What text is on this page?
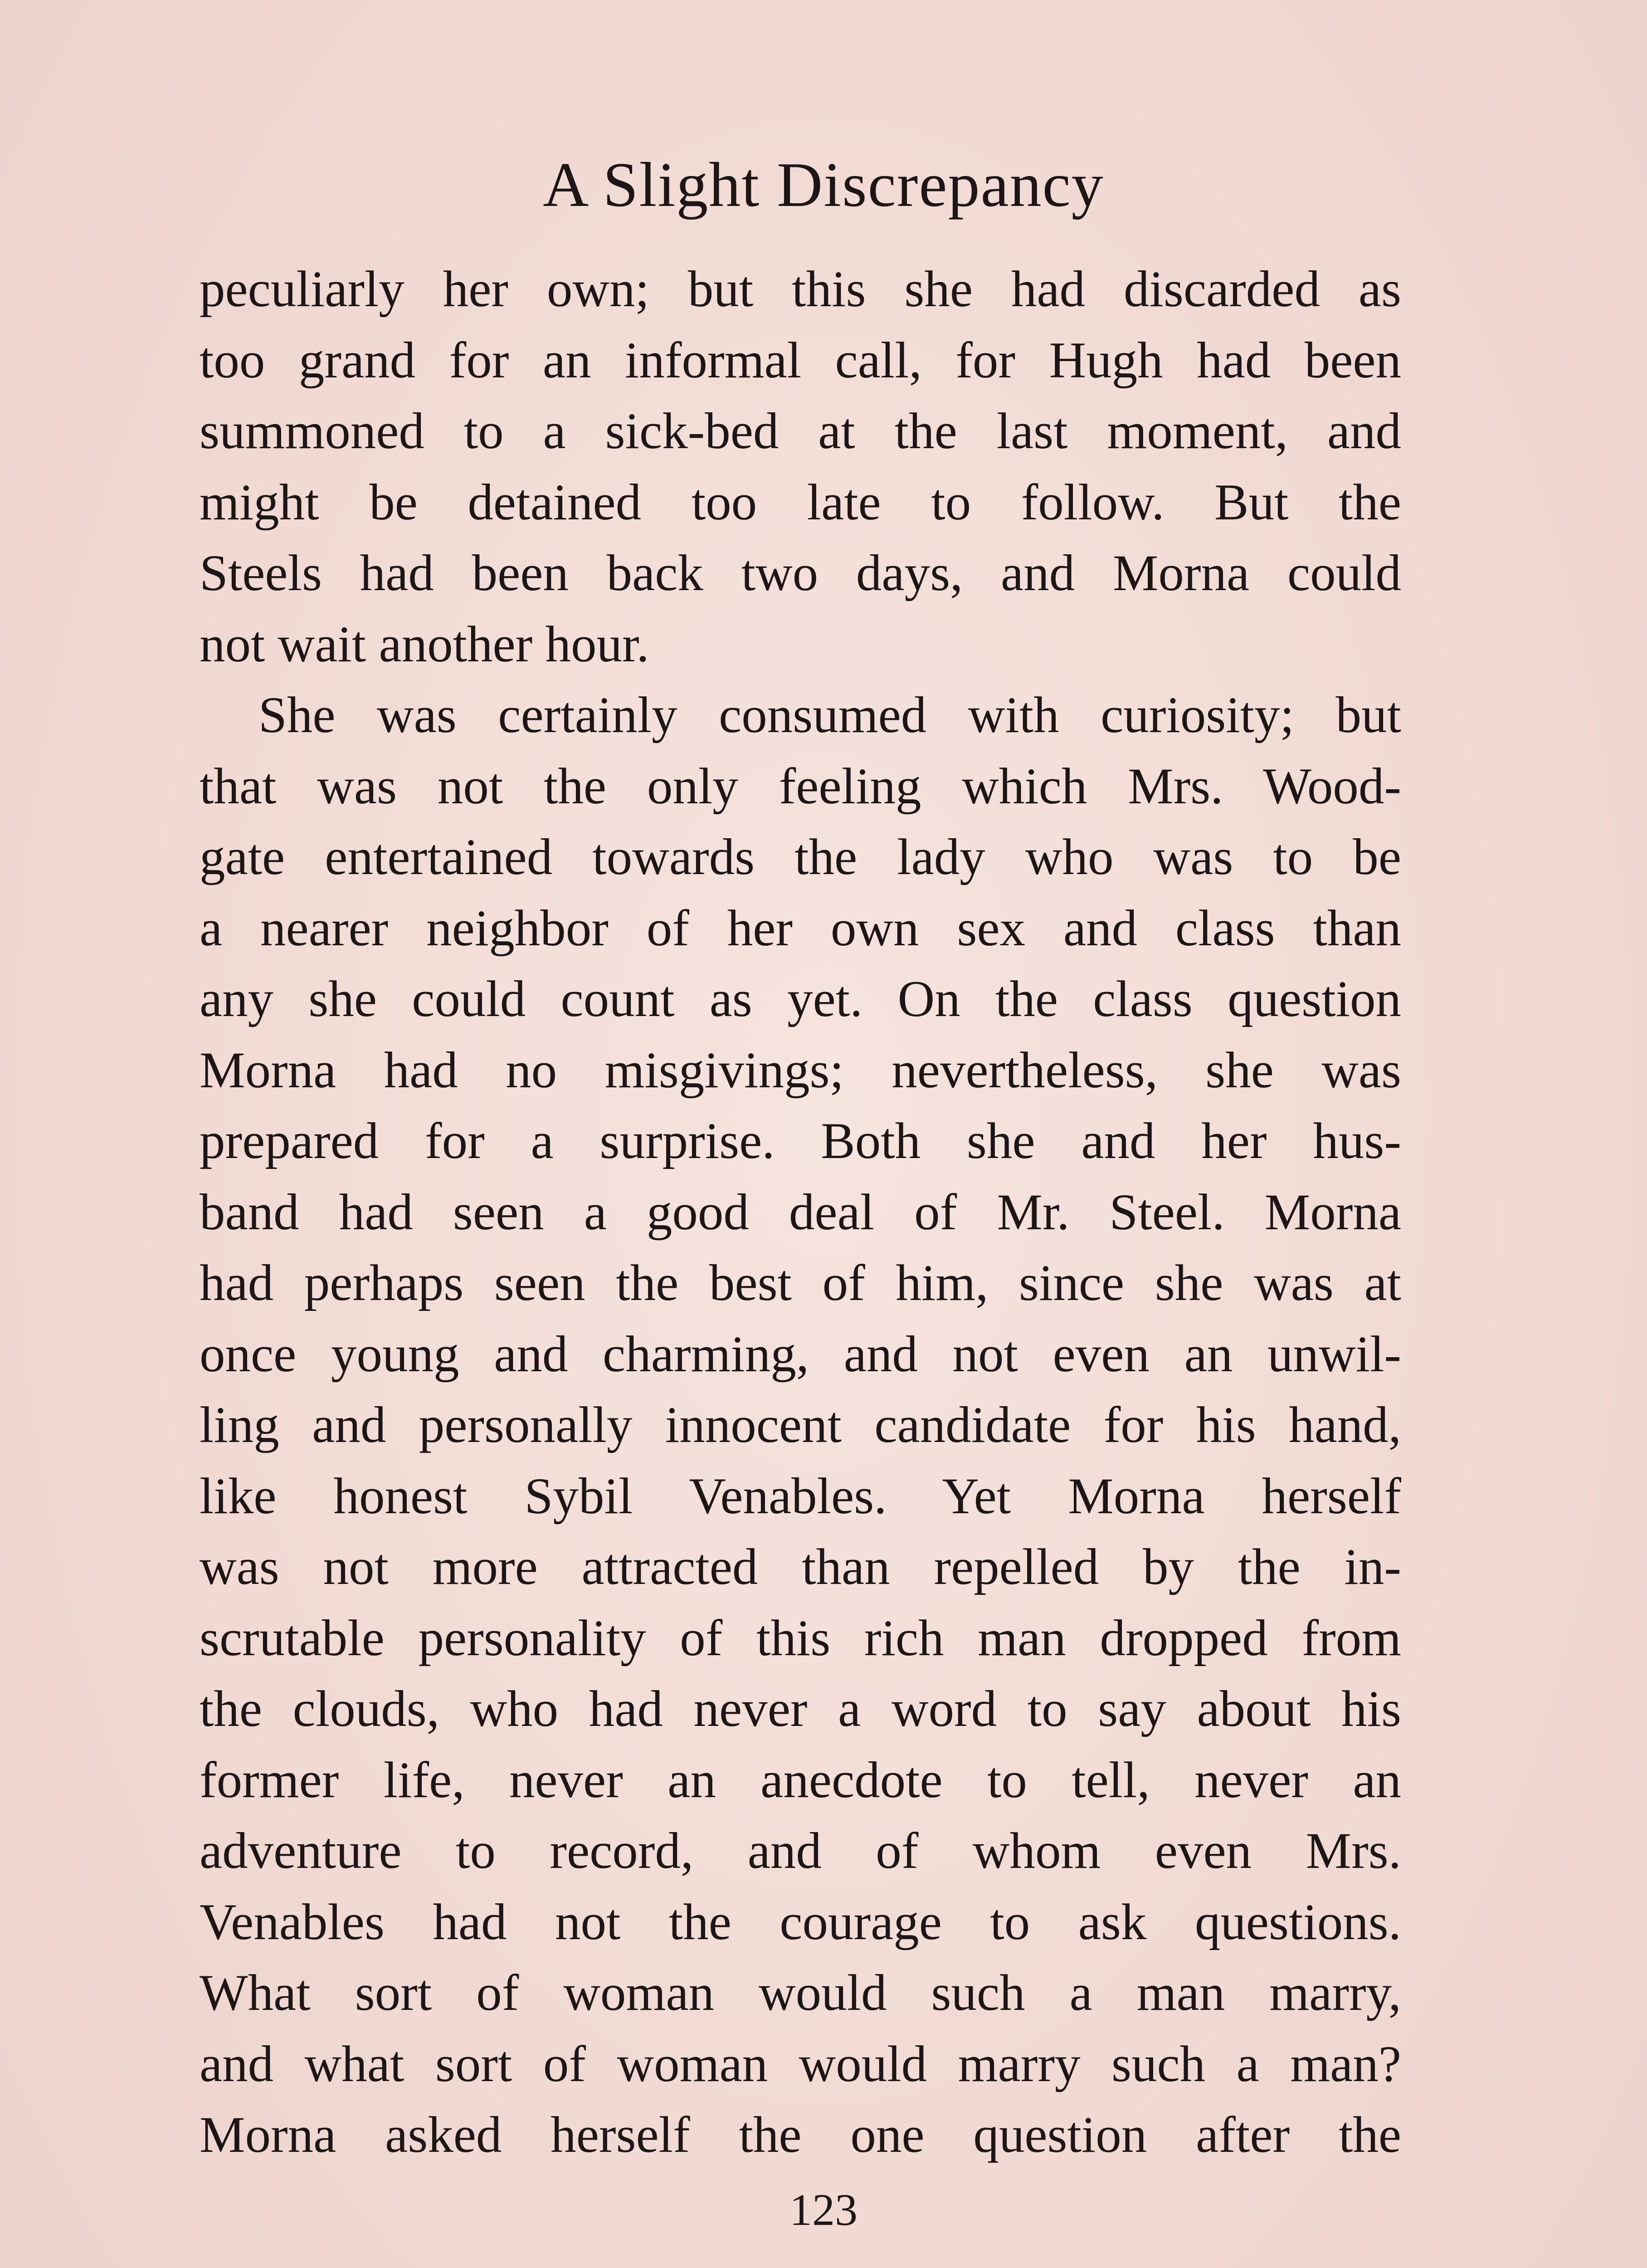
A Slight Discrepancy
peculiarly her own; but this she had discarded as
too grand for an informal call, for Hugh had been
summoned to a sick-bed at the last moment, and
might be detained too late to follow. But the
Steels had been back two days, and Morna could
not wait another hour.
She was certainly consumed with curiosity; but
that was not the only feeling which Mrs. Wood-
gate entertained towards the lady who was to be
a nearer neighbor of her own sex and class than
any she could count as yet. On the class question
Morna had no misgivings; nevertheless, she was
prepared for a surprise. Both she and her hus-
band had seen a good deal of Mr. Steel. Morna
had perhaps seen the best of him, since she was at
once young and charming, and not even an unwil-
ling and personally innocent candidate for his hand,
like honest Sybil Venables. Yet Morna herself
was not more attracted than repelled by the in-
scrutable personality of this rich man dropped from
the clouds, who had never a word to say about his
former life, never an anecdote to tell, never an
adventure to record, and of whom even Mrs.
Venables had not the courage to ask questions.
What sort of woman would such a man marry,
and what sort of woman would marry such a man?
Morna asked herself the one question after the
123
